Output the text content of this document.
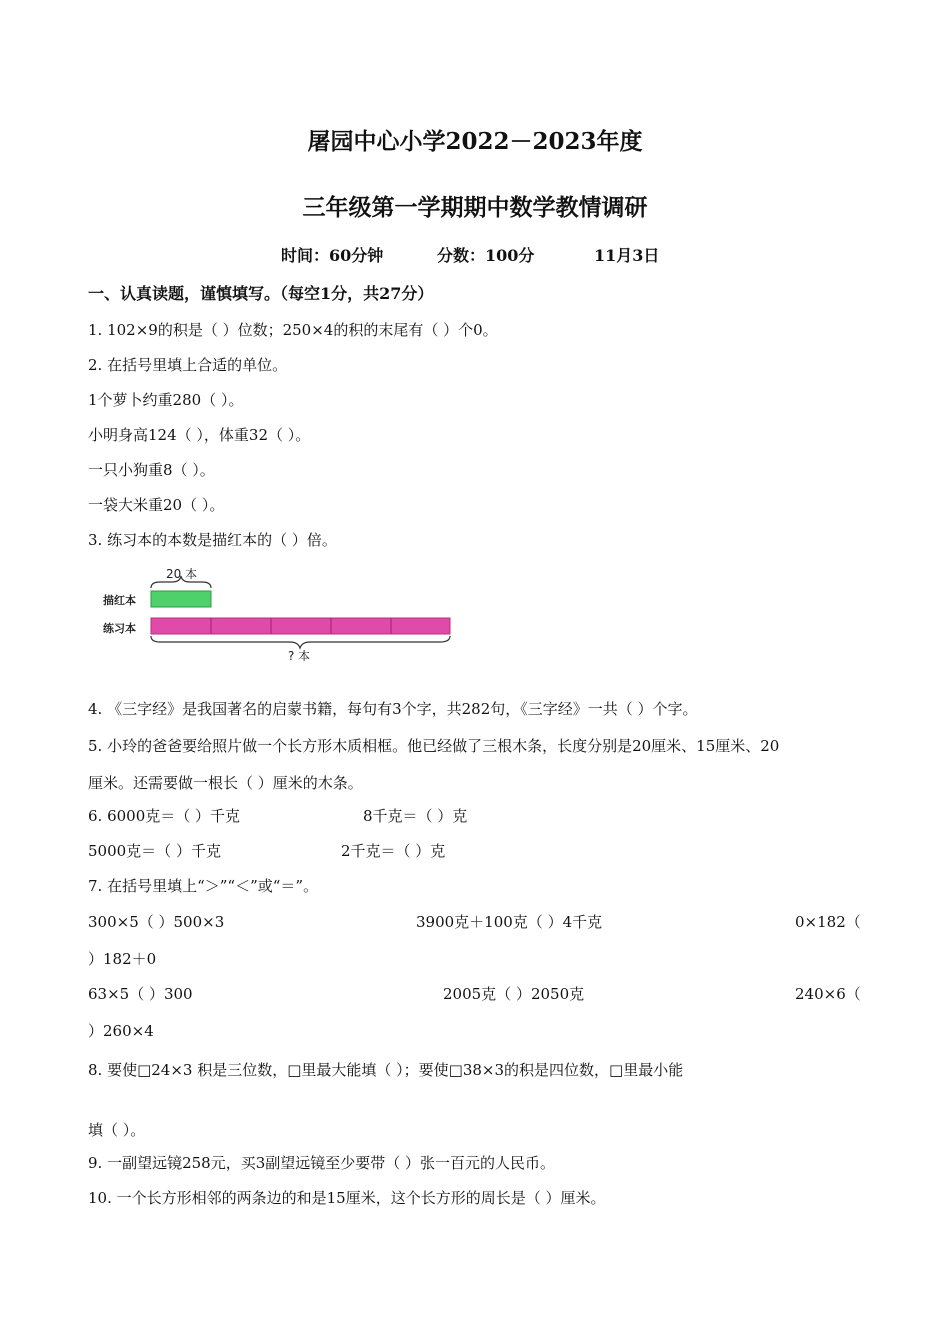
屠园中心小学2022－2023年度
三年级第一学期期中数学教情调研
时间：60分钟	分数：100分	11月3日
一、认真读题，谨慎填写。（每空1分，共27分）
1. 102×9的积是（ ）位数；250×4的积的末尾有（ ）个0。
2. 在括号里填上合适的单位。
1个萝卜约重280（ ）。
小明身高124（ ），体重32（ ）。
一只小狗重8（ ）。
一袋大米重20（ ）。
3. 练习本的本数是描红本的（ ）倍。
20 本
描红本
练习本
? 本
4. 《三字经》是我国著名的启蒙书籍，每句有3个字，共282句，《三字经》一共（ ）个字。
5. 小玲的爸爸要给照片做一个长方形木质相框。他已经做了三根木条，长度分别是20厘米、15厘米、20
厘米。还需要做一根长（ ）厘米的木条。
6. 6000克＝（ ）千克	8千克＝（ ）克
5000克＝（ ）千克	2千克＝（ ）克
7. 在括号里填上“＞”“＜”或“＝”。
300×5（ ）500×3	3900克＋100克（ ）4千克	0×182（
）182＋0
63×5（ ）300	2005克（ ）2050克	240×6（
）260×4
8. 要使□24×3 积是三位数，□里最大能填（ ）；要使□38×3的积是四位数，□里最小能
填（ ）。
9. 一副望远镜258元，买3副望远镜至少要带（ ）张一百元的人民币。
10. 一个长方形相邻的两条边的和是15厘米，这个长方形的周长是（ ）厘米。
